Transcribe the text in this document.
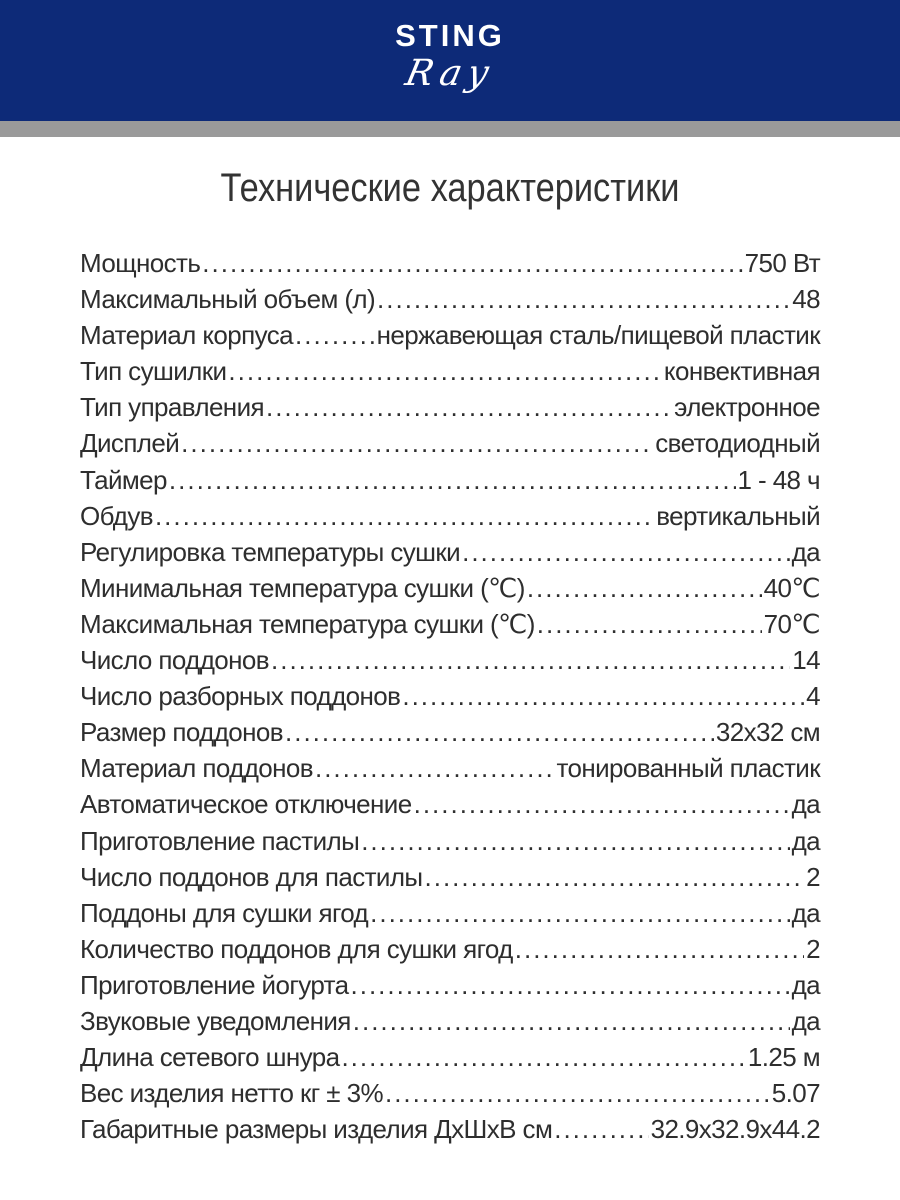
STING
Ray
Технические характеристики
Мощность .....	750 Вт
Максимальный объем (л) .....	48
Материал корпуса .....	нержавеющая сталь/пищевой пластик
Тип сушилки .....	конвективная
Тип управления .....	электронное
Дисплей .....	светодиодный
Таймер .....	1 - 48 ч
Обдув .....	вертикальный
Регулировка температуры сушки .....	да
Минимальная температура сушки (℃) .....	40℃
Максимальная температура сушки (℃) .....	70℃
Число поддонов .....	14
Число разборных поддонов .....	4
Размер поддонов .....	32x32 см
Материал поддонов .....	тонированный пластик
Автоматическое отключение .....	да
Приготовление пастилы .....	да
Число поддонов для пастилы .....	2
Поддоны для сушки ягод .....	да
Количество поддонов для сушки ягод .....	2
Приготовление йогурта .....	да
Звуковые уведомления .....	да
Длина сетевого шнура .....	1.25 м
Вес изделия нетто кг ± 3% .....	5.07
Габаритные размеры изделия ДхШхВ см .....	32.9x32.9x44.2
